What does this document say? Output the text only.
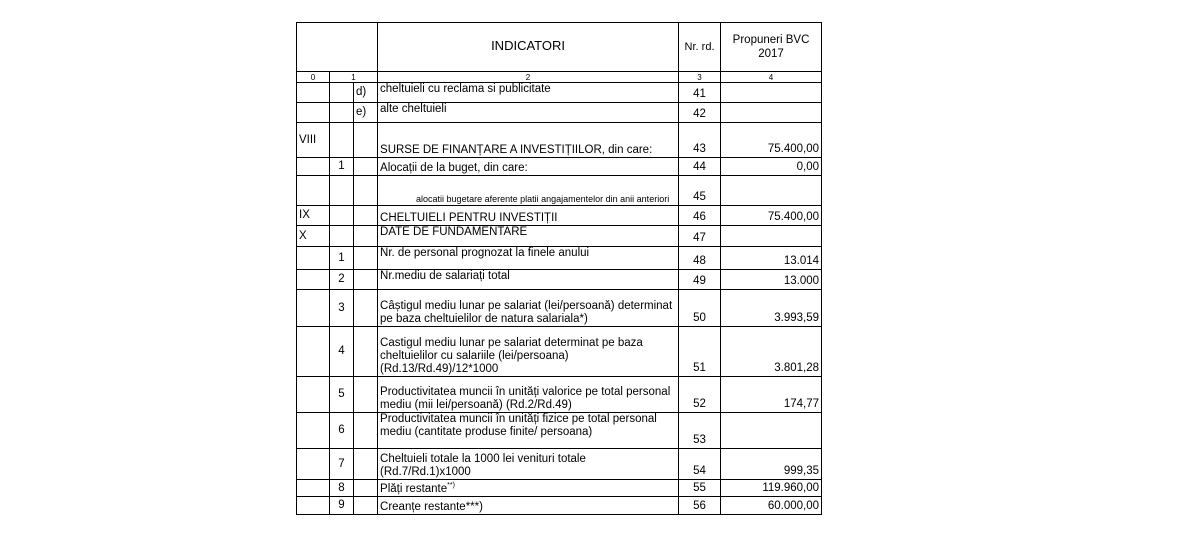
			INDICATORI	Nr. rd.	Propuneri BVC 2017
0	1		2	3	4
		d)	cheltuieli cu reclama si publicitate	41	
		e)	alte cheltuieli	42	
VIII			SURSE DE FINANȚARE A INVESTIȚIILOR, din care:	43	75.400,00
	1		Alocații de la buget, din care:	44	0,00
			alocatii bugetare aferente platii angajamentelor din anii anteriori	45	
IX			CHELTUIELI PENTRU INVESTIȚII	46	75.400,00
X			DATE DE FUNDAMENTARE	47	
	1		Nr. de personal prognozat la finele anului	48	13.014
	2		Nr.mediu de salariați total	49	13.000
	3		Câștigul mediu lunar pe salariat (lei/persoană) determinat pe baza cheltuielilor de natura salariala*)	50	3.993,59
	4		Castigul mediu lunar pe salariat determinat pe baza cheltuielilor cu salariile (lei/persoana) (Rd.13/Rd.49)/12*1000	51	3.801,28
	5		Productivitatea muncii în unități valorice pe total personal mediu (mii lei/persoană) (Rd.2/Rd.49)	52	174,77
	6		Productivitatea muncii în unități fizice pe total personal mediu (cantitate produse finite/ persoana)	53	
	7		Cheltuieli totale la 1000 lei venituri totale (Rd.7/Rd.1)x1000	54	999,35
	8		Plăți restante**)	55	119.960,00
	9		Creanțe restante***)	56	60.000,00
